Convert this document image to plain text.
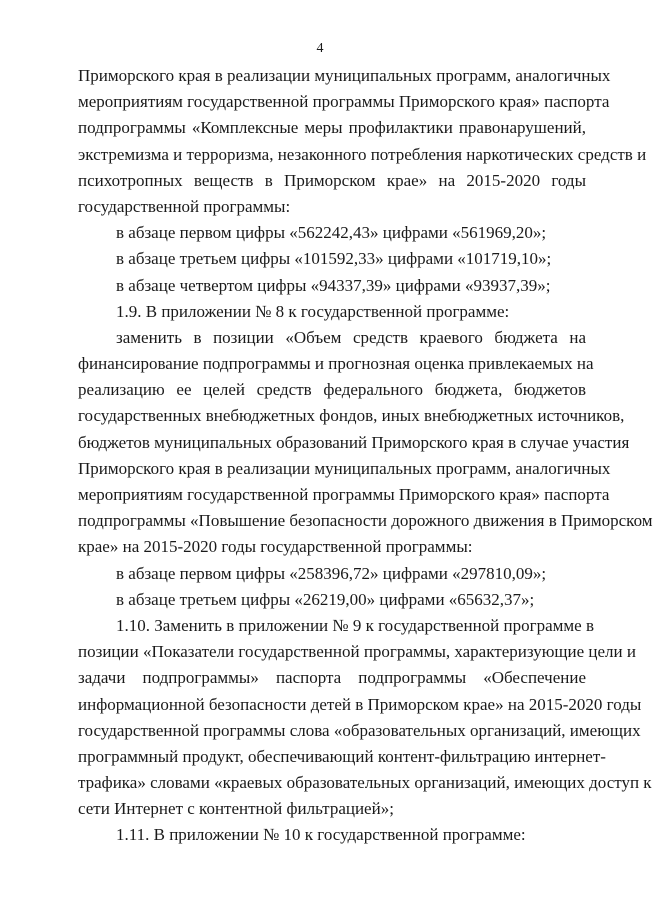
4
Приморского края в реализации муниципальных программ, аналогичных
мероприятиям государственной программы Приморского края» паспорта
подпрограммы «Комплексные меры профилактики правонарушений,
экстремизма и терроризма, незаконного потребления наркотических средств и
психотропных веществ в Приморском крае» на 2015-2020 годы
государственной программы:
в абзаце первом цифры «562242,43» цифрами «561969,20»;
в абзаце третьем цифры «101592,33» цифрами «101719,10»;
в абзаце четвертом цифры «94337,39» цифрами «93937,39»;
1.9. В приложении № 8 к государственной программе:
заменить в позиции «Объем средств краевого бюджета на
финансирование подпрограммы и прогнозная оценка привлекаемых на
реализацию ее целей средств федерального бюджета, бюджетов
государственных внебюджетных фондов, иных внебюджетных источников,
бюджетов муниципальных образований Приморского края в случае участия
Приморского края в реализации муниципальных программ, аналогичных
мероприятиям государственной программы Приморского края» паспорта
подпрограммы «Повышение безопасности дорожного движения в Приморском
крае» на 2015-2020 годы государственной программы:
в абзаце первом цифры «258396,72» цифрами «297810,09»;
в абзаце третьем цифры «26219,00» цифрами «65632,37»;
1.10. Заменить в приложении № 9 к государственной программе в
позиции «Показатели государственной программы, характеризующие цели и
задачи подпрограммы» паспорта подпрограммы «Обеспечение
информационной безопасности детей в Приморском крае» на 2015-2020 годы
государственной программы слова «образовательных организаций, имеющих
программный продукт, обеспечивающий контент-фильтрацию интернет-
трафика» словами «краевых образовательных организаций, имеющих доступ к
сети Интернет с контентной фильтрацией»;
1.11. В приложении № 10 к государственной программе:
